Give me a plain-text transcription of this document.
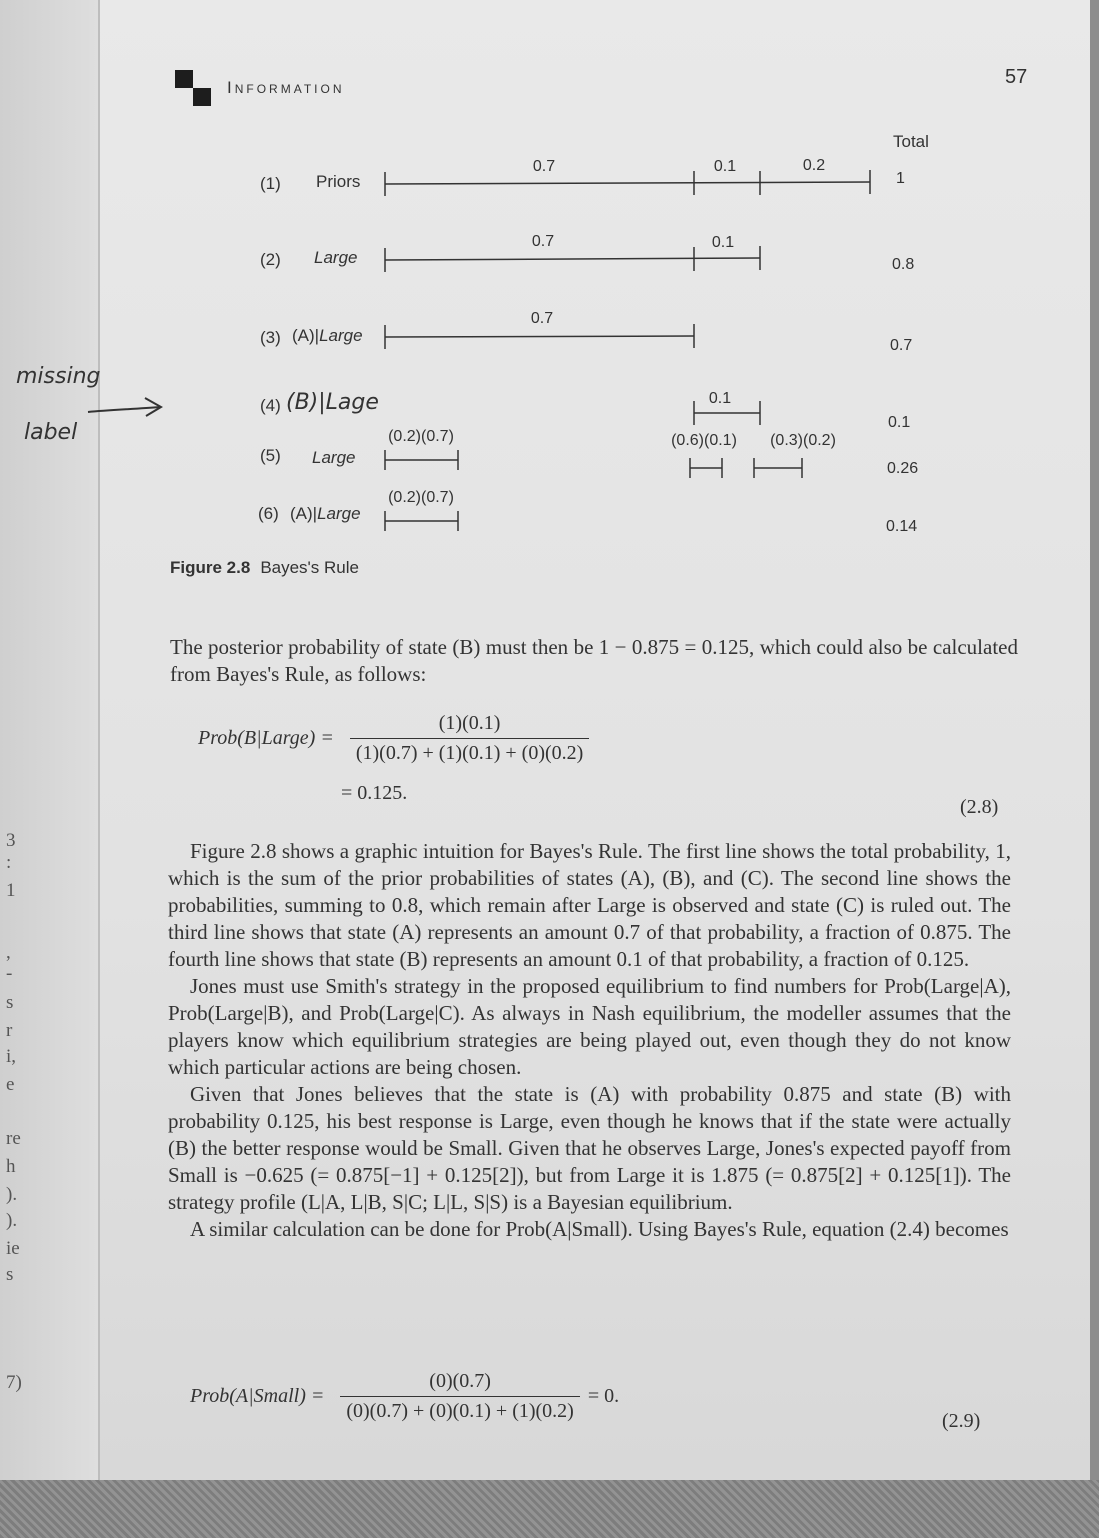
3
:
1
,
-
s
r
i,
e
re
h
).
).
ie
s
7)
Information	57
Total
(1) Priors
0.7	0.1	0.2
1
(2) Large
0.7	0.1
0.8
(3) (A)|Large
0.7
0.7
(4) (B)|Lage	0.1
0.1
(5) Large
(0.2)(0.7)	(0.6)(0.1) (0.3)(0.2)
0.26
(6) (A)|Large
(0.2)(0.7)
0.14
missing
label
Figure 2.8 Bayes's Rule

The posterior probability of state (B) must then be 1 − 0.875 = 0.125, which could also be calculated from Bayes's Rule, as follows:

Prob(B|Large) = $\frac{(1)(0.1)}{(1)(0.7) + (1)(0.1) + (0)(0.2)}$
= 0.125.
(2.8)

Figure 2.8 shows a graphic intuition for Bayes's Rule. The first line shows the total probability, 1, which is the sum of the prior probabilities of states (A), (B), and (C). The second line shows the probabilities, summing to 0.8, which remain after Large is observed and state (C) is ruled out. The third line shows that state (A) represents an amount 0.7 of that probability, a fraction of 0.875. The fourth line shows that state (B) represents an amount 0.1 of that probability, a fraction of 0.125.

Jones must use Smith's strategy in the proposed equilibrium to find numbers for Prob(Large|A), Prob(Large|B), and Prob(Large|C). As always in Nash equilibrium, the modeller assumes that the players know which equilibrium strategies are being played out, even though they do not know which particular actions are being chosen.

Given that Jones believes that the state is (A) with probability 0.875 and state (B) with probability 0.125, his best response is Large, even though he knows that if the state were actually (B) the better response would be Small. Given that he observes Large, Jones's expected payoff from Small is −0.625 (= 0.875[−1] + 0.125[2]), but from Large it is 1.875 (= 0.875[2] + 0.125[1]). The strategy profile (L|A, L|B, S|C; L|L, S|S) is a Bayesian equilibrium.

A similar calculation can be done for Prob(A|Small). Using Bayes's Rule, equation (2.4) becomes

Prob(A|Small) = $\frac{(0)(0.7)}{(0)(0.7) + (0)(0.1) + (1)(0.2)} = 0$.
(2.9)
